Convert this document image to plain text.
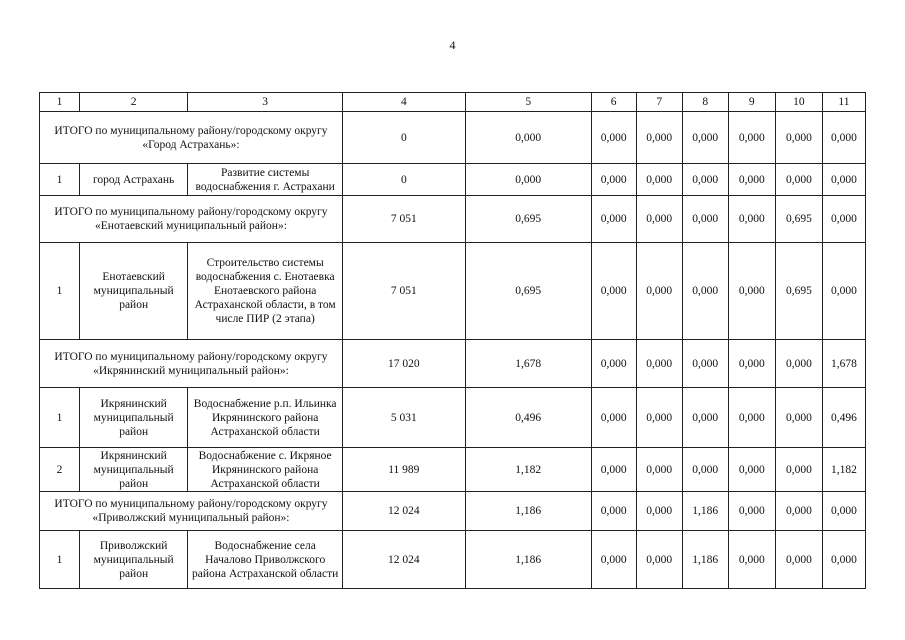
4
1	2	3	4	5	6	7	8	9	10	11
ИТОГО по муниципальному району/городскому округу «Город Астрахань»:			0	0,000	0,000	0,000	0,000	0,000	0,000	0,000
1	город Астрахань	Развитие системы водоснабжения г. Астрахани	0	0,000	0,000	0,000	0,000	0,000	0,000	0,000
ИТОГО по муниципальному району/городскому округу «Енотаевский муниципальный район»:			7 051	0,695	0,000	0,000	0,000	0,000	0,695	0,000
1	Енотаевский муниципальный район	Строительство системы водоснабжения с. Енотаевка Енотаевского района Астраханской области, в том числе ПИР (2 этапа)	7 051	0,695	0,000	0,000	0,000	0,000	0,695	0,000
ИТОГО по муниципальному району/городскому округу «Икрянинский муниципальный район»:			17 020	1,678	0,000	0,000	0,000	0,000	0,000	1,678
1	Икрянинский муниципальный район	Водоснабжение р.п. Ильинка Икрянинского района Астраханской области	5 031	0,496	0,000	0,000	0,000	0,000	0,000	0,496
2	Икрянинский муниципальный район	Водоснабжение с. Икряное Икрянинского района Астраханской области	11 989	1,182	0,000	0,000	0,000	0,000	0,000	1,182
ИТОГО по муниципальному району/городскому округу «Приволжский муниципальный район»:			12 024	1,186	0,000	0,000	1,186	0,000	0,000	0,000
1	Приволжский муниципальный район	Водоснабжение села Началово Приволжского района Астраханской области	12 024	1,186	0,000	0,000	1,186	0,000	0,000	0,000
